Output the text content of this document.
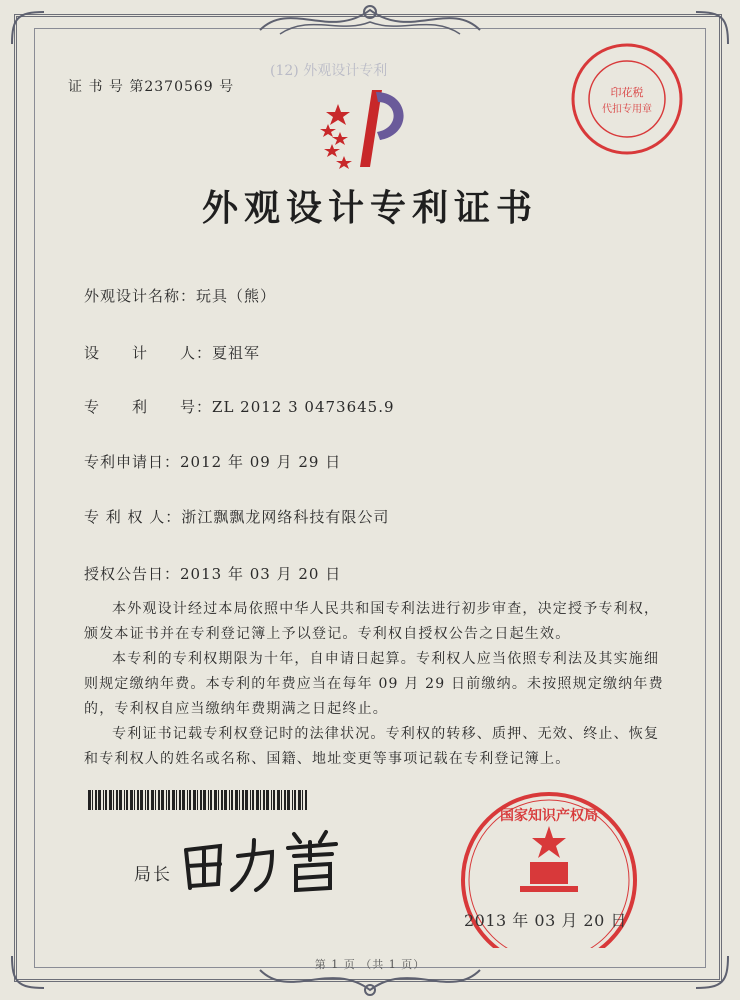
(12) 外观设计专利
证 书 号 第2370569 号	印花税
代扣专用章
外观设计专利证书
外观设计名称：玩具（熊）
设　　计　　人：夏祖军
专　　利　　号：ZL 2012 3 0473645.9
专利申请日：2012 年 09 月 29 日
专 利 权 人：浙江飘飘龙网络科技有限公司
授权公告日：2013 年 03 月 20 日

本外观设计经过本局依照中华人民共和国专利法进行初步审查，决定授予专利权，颁发本证书并在专利登记簿上予以登记。专利权自授权公告之日起生效。

本专利的专利权期限为十年，自申请日起算。专利权人应当依照专利法及其实施细则规定缴纳年费。本专利的年费应当在每年 09 月 29 日前缴纳。未按照规定缴纳年费的，专利权自应当缴纳年费期满之日起终止。

专利证书记载专利权登记时的法律状况。专利权的转移、质押、无效、终止、恢复和专利权人的姓名或名称、国籍、地址变更等事项记载在专利登记簿上。

局长
国家知识产权局
2013 年 03 月 20 日
第 1 页 （共 1 页）
